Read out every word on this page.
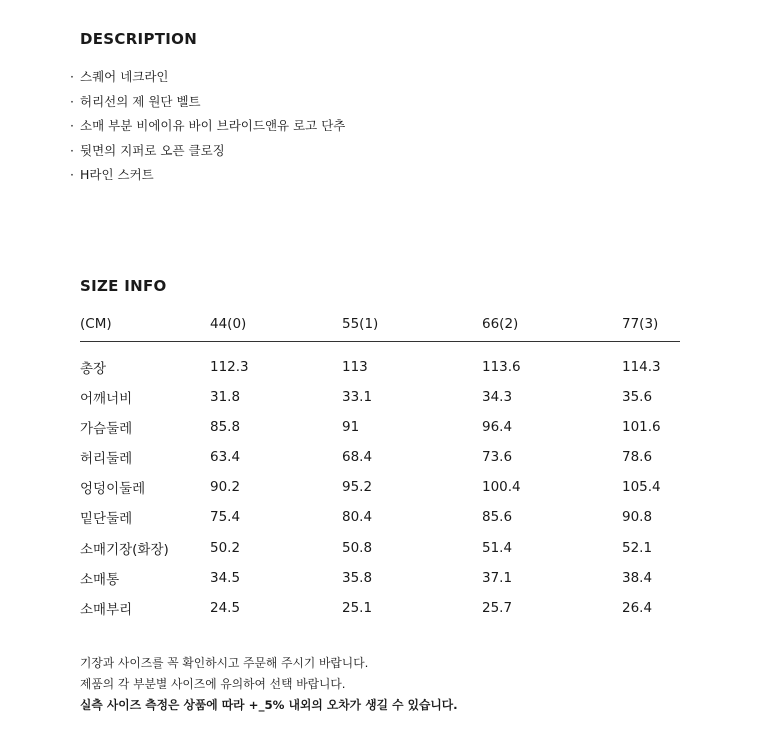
DESCRIPTION
· 스퀘어 네크라인
· 허리선의 제 원단 벨트
· 소매 부분 비에이유 바이 브라이드앤유 로고 단추
· 뒷면의 지퍼로 오픈 클로징
· H라인 스커트
SIZE INFO
(CM)	44(0)	55(1)	66(2)	77(3)
총장	112.3	113	113.6	114.3
어깨너비	31.8	33.1	34.3	35.6
가슴둘레	85.8	91	96.4	101.6
허리둘레	63.4	68.4	73.6	78.6
엉덩이둘레	90.2	95.2	100.4	105.4
밑단둘레	75.4	80.4	85.6	90.8
소매기장(화장)	50.2	50.8	51.4	52.1
소매통	34.5	35.8	37.1	38.4
소매부리	24.5	25.1	25.7	26.4
기장과 사이즈를 꼭 확인하시고 주문해 주시기 바랍니다.
제품의 각 부분별 사이즈에 유의하여 선택 바랍니다.
실측 사이즈 측정은 상품에 따라 +_5% 내외의 오차가 생길 수 있습니다.
